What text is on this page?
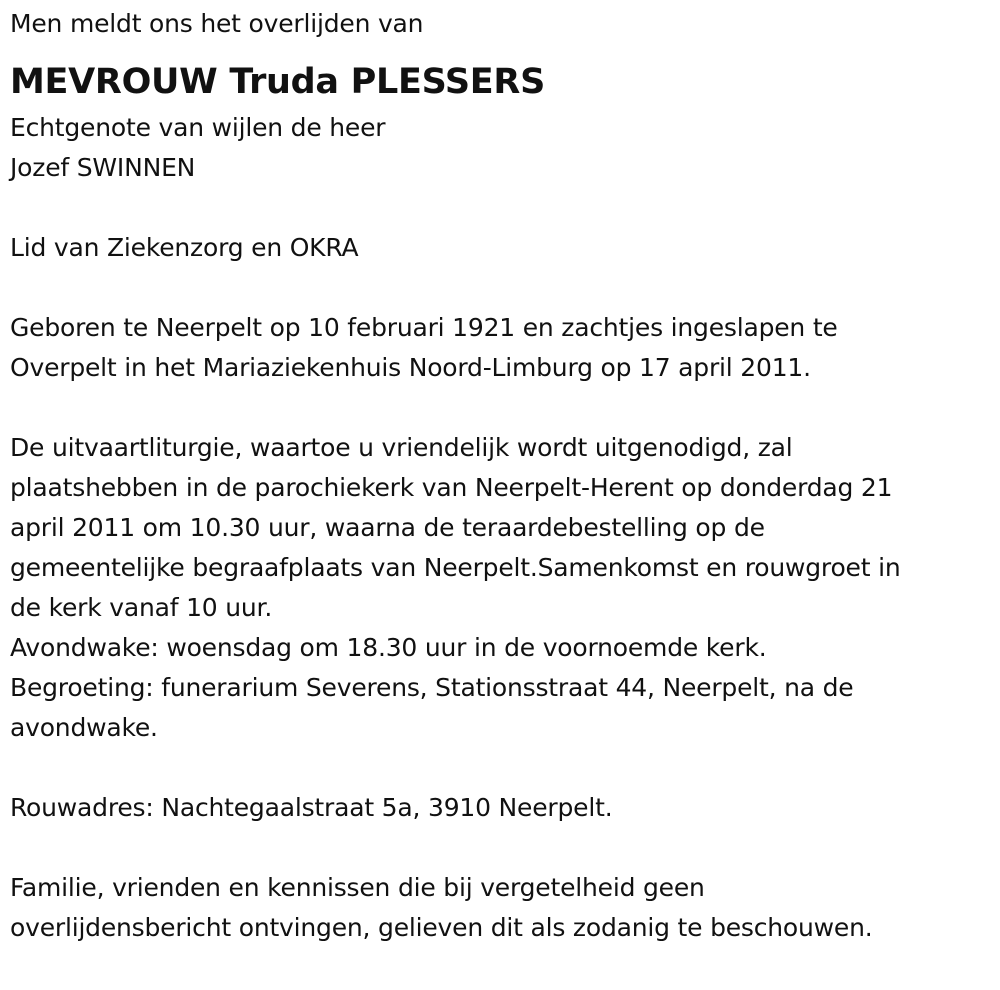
Men meldt ons het overlijden van
MEVROUW Truda PLESSERS
Echtgenote van wijlen de heer
Jozef SWINNEN
Lid van Ziekenzorg en OKRA
Geboren te Neerpelt op 10 februari 1921 en zachtjes ingeslapen te
Overpelt in het Mariaziekenhuis Noord-Limburg op 17 april 2011.
De uitvaartliturgie, waartoe u vriendelijk wordt uitgenodigd, zal
plaatshebben in de parochiekerk van Neerpelt-Herent op donderdag 21
april 2011 om 10.30 uur, waarna de teraardebestelling op de
gemeentelijke begraafplaats van Neerpelt.Samenkomst en rouwgroet in
de kerk vanaf 10 uur.
Avondwake: woensdag om 18.30 uur in de voornoemde kerk.
Begroeting: funerarium Severens, Stationsstraat 44, Neerpelt, na de
avondwake.
Rouwadres: Nachtegaalstraat 5a, 3910 Neerpelt.
Familie, vrienden en kennissen die bij vergetelheid geen
overlijdensbericht ontvingen, gelieven dit als zodanig te beschouwen.
